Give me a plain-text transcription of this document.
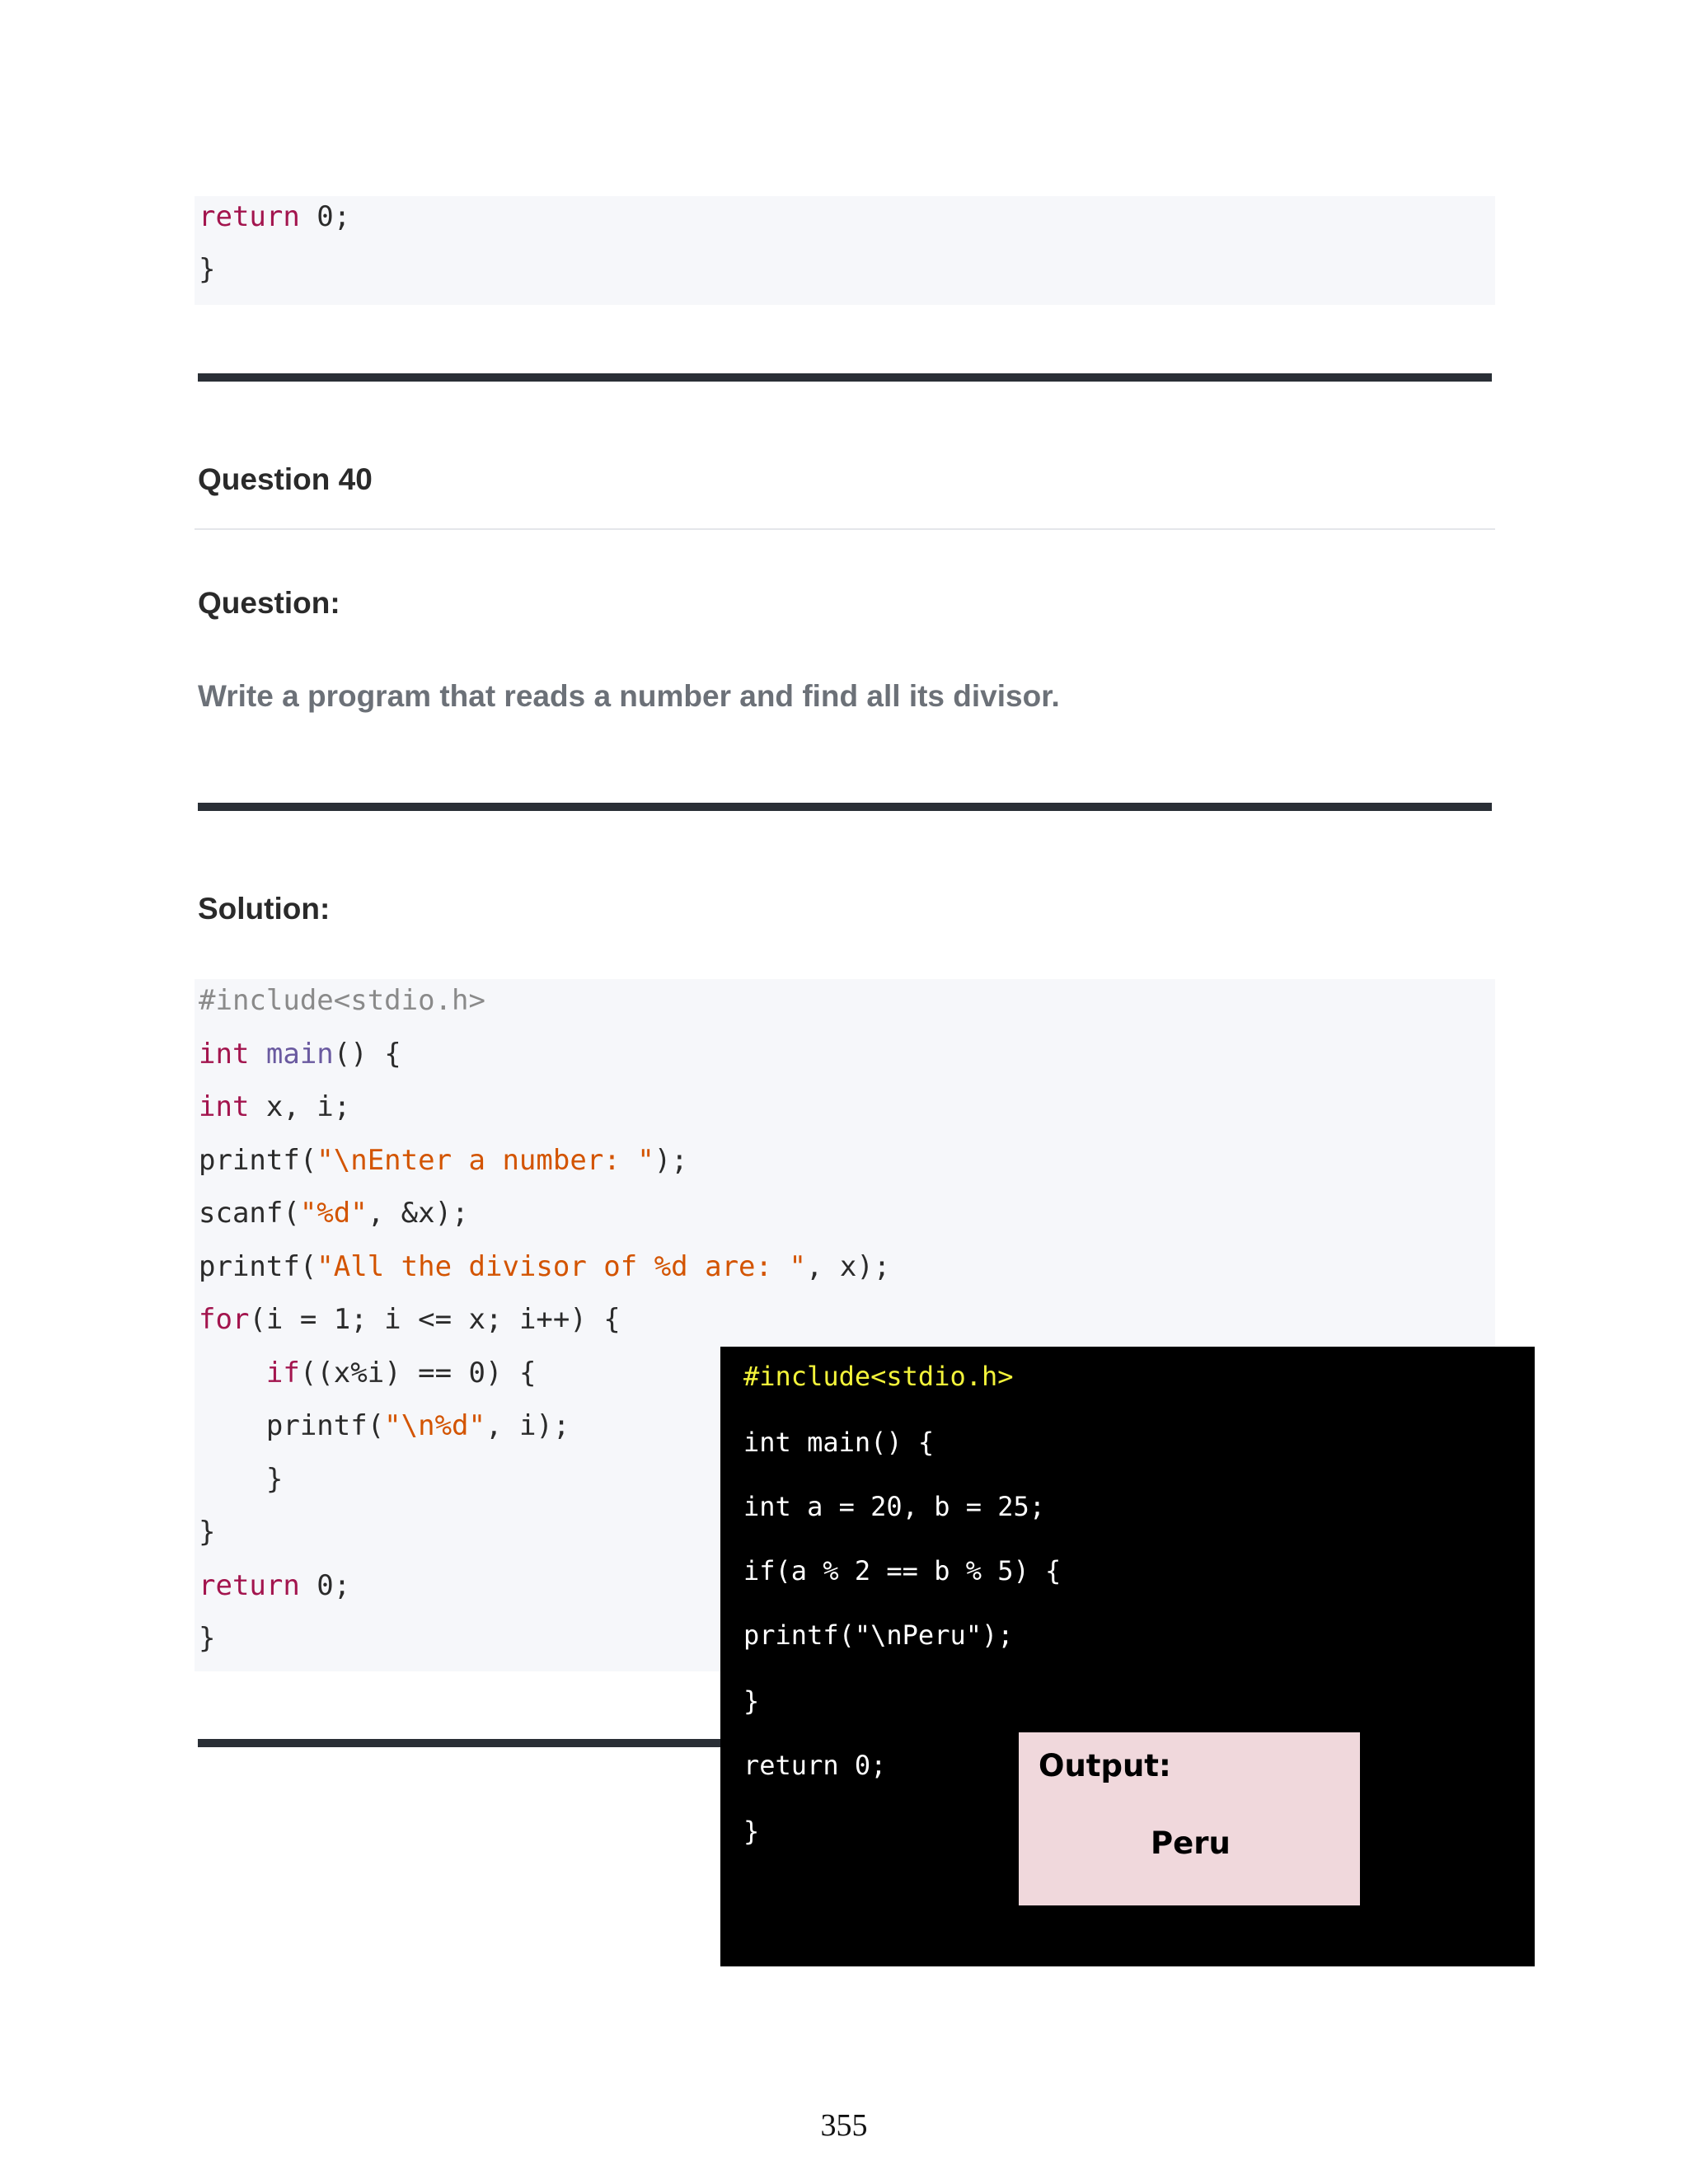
return 0;
}
Question 40
Question:
Write a program that reads a number and find all its divisor.
Solution:
#include<stdio.h>
int main() {
int x, i;
printf("\nEnter a number: ");
scanf("%d", &x);
printf("All the divisor of %d are: ", x);
for(i = 1; i <= x; i++) {
if((x%i) == 0) {
printf("\n%d", i);
}
}
return 0;
}
#include<stdio.h>
int main() {
int a = 20, b = 25;
if(a % 2 == b % 5) {
printf("\nPeru");
}
return 0;
}
Output:
Peru
355
